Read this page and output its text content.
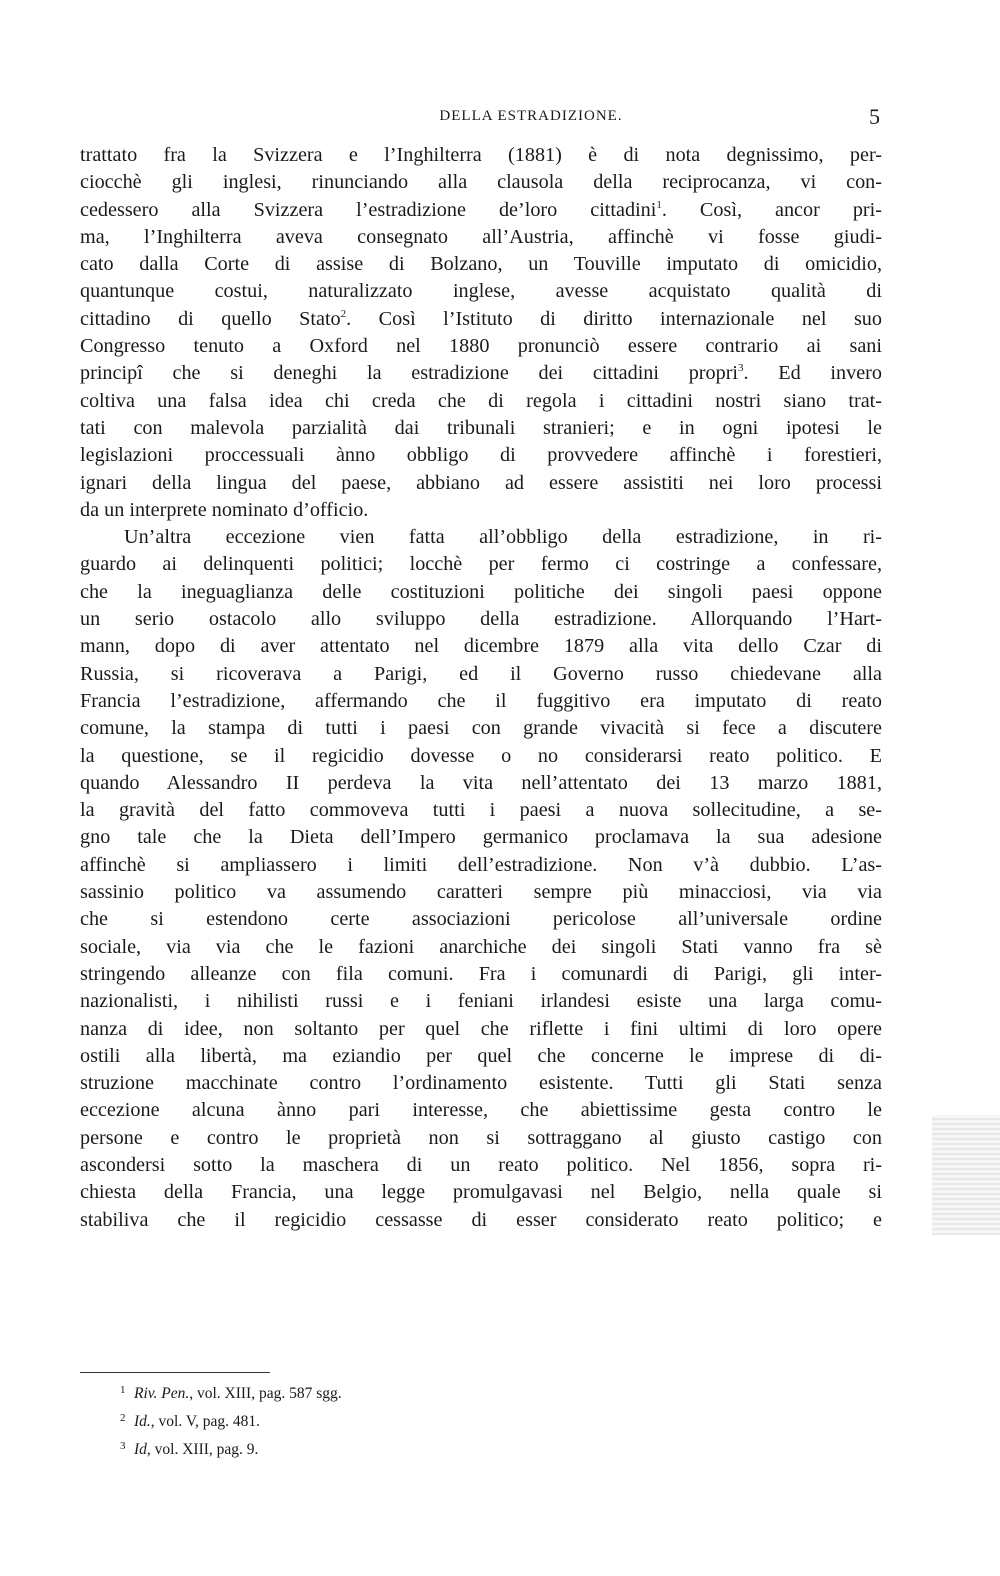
DELLA ESTRADIZIONE.	5
trattato fra la Svizzera e l’Inghilterra (1881) è di nota degnissimo, per-
ciocchè gli inglesi, rinunciando alla clausola della reciprocanza, vi con-
cedessero alla Svizzera l’estradizione de’loro cittadini$^1$. Così, ancor pri-
ma, l’Inghilterra aveva consegnato all’Austria, affinchè vi fosse giudi-
cato dalla Corte di assise di Bolzano, un Touville imputato di omicidio,
quantunque costui, naturalizzato inglese, avesse acquistato qualità di
cittadino di quello Stato$^2$. Così l’Istituto di diritto internazionale nel suo
Congresso tenuto a Oxford nel 1880 pronunciò essere contrario ai sani
principî che si deneghi la estradizione dei cittadini propri$^3$. Ed invero
coltiva una falsa idea chi creda che di regola i cittadini nostri siano trat-
tati con malevola parzialità dai tribunali stranieri; e in ogni ipotesi le
legislazioni proccessuali ànno obbligo di provvedere affinchè i forestieri,
ignari della lingua del paese, abbiano ad essere assistiti nei loro processi
da un interprete nominato d’officio.
Un’altra eccezione vien fatta all’obbligo della estradizione, in ri-
guardo ai delinquenti politici; locchè per fermo ci costringe a confessare,
che la ineguaglianza delle costituzioni politiche dei singoli paesi oppone
un serio ostacolo allo sviluppo della estradizione. Allorquando l’Hart-
mann, dopo di aver attentato nel dicembre 1879 alla vita dello Czar di
Russia, si ricoverava a Parigi, ed il Governo russo chiedevane alla
Francia l’estradizione, affermando che il fuggitivo era imputato di reato
comune, la stampa di tutti i paesi con grande vivacità si fece a discutere
la questione, se il regicidio dovesse o no considerarsi reato politico. E
quando Alessandro II perdeva la vita nell’attentato dei 13 marzo 1881,
la gravità del fatto commoveva tutti i paesi a nuova sollecitudine, a se-
gno tale che la Dieta dell’Impero germanico proclamava la sua adesione
affinchè si ampliassero i limiti dell’estradizione. Non v’à dubbio. L’as-
sassinio politico va assumendo caratteri sempre più minacciosi, via via
che si estendono certe associazioni pericolose all’universale ordine
sociale, via via che le fazioni anarchiche dei singoli Stati vanno fra sè
stringendo alleanze con fila comuni. Fra i comunardi di Parigi, gli inter-
nazionalisti, i nihilisti russi e i feniani irlandesi esiste una larga comu-
nanza di idee, non soltanto per quel che riflette i fini ultimi di loro opere
ostili alla libertà, ma eziandio per quel che concerne le imprese di di-
struzione macchinate contro l’ordinamento esistente. Tutti gli Stati senza
eccezione alcuna ànno pari interesse, che abiettissime gesta contro le
persone e contro le proprietà non si sottraggano al giusto castigo con
ascondersi sotto la maschera di un reato politico. Nel 1856, sopra ri-
chiesta della Francia, una legge promulgavasi nel Belgio, nella quale si
stabiliva che il regicidio cessasse di esser considerato reato politico; e
1 Riv. Pen., vol. XIII, pag. 587 sgg.
2 Id., vol. V, pag. 481.
3 Id, vol. XIII, pag. 9.
